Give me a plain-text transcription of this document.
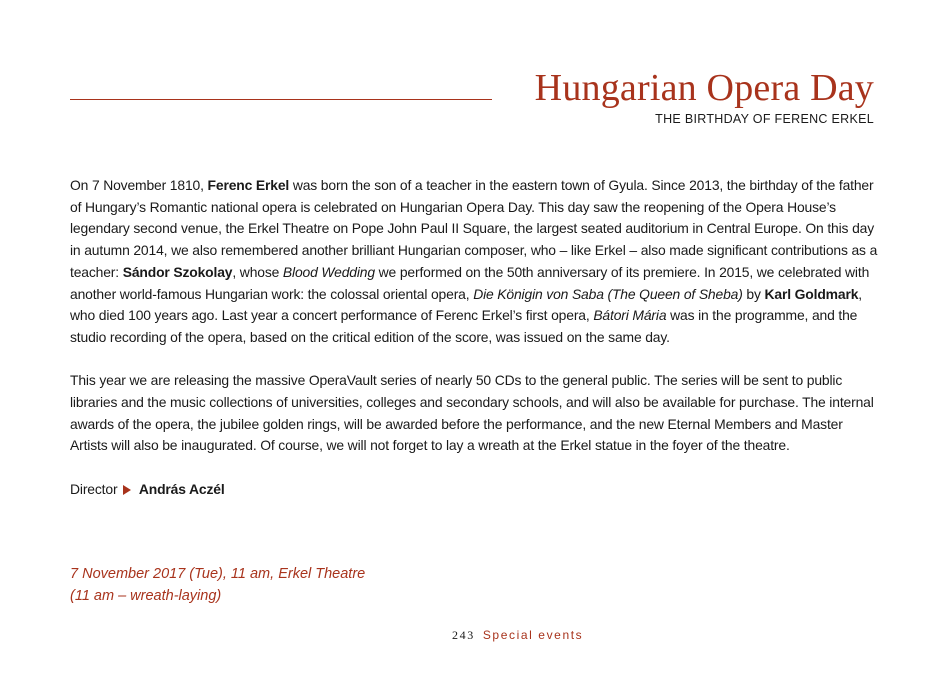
Hungarian Opera Day
THE BIRTHDAY OF FERENC ERKEL

On 7 November 1810, Ferenc Erkel was born the son of a teacher in the eastern town of Gyula. Since 2013, the birthday of the father of Hungary’s Romantic national opera is celebrated on Hungarian Opera Day. This day saw the reopening of the Opera House’s legendary second venue, the Erkel Theatre on Pope John Paul II Square, the largest seated auditorium in Central Europe. On this day in autumn 2014, we also remembered another brilliant Hungarian composer, who – like Erkel – also made significant contributions as a teacher: Sándor Szokolay, whose Blood Wedding we performed on the 50th anniversary of its premiere. In 2015, we celebrated with another world-famous Hungarian work: the colossal oriental opera, Die Königin von Saba (The Queen of Sheba) by Karl Goldmark, who died 100 years ago. Last year a concert performance of Ferenc Erkel’s first opera, Bátori Mária was in the programme, and the studio recording of the opera, based on the critical edition of the score, was issued on the same day.

This year we are releasing the massive OperaVault series of nearly 50 CDs to the general public. The series will be sent to public libraries and the music collections of universities, colleges and secondary schools, and will also be available for purchase. The internal awards of the opera, the jubilee golden rings, will be awarded before the performance, and the new Eternal Members and Master Artists will also be inaugurated. Of course, we will not forget to lay a wreath at the Erkel statue in the foyer of the theatre.

Director András Aczél

7 November 2017 (Tue), 11 am, Erkel Theatre
(11 am – wreath-laying)
243 Special events
